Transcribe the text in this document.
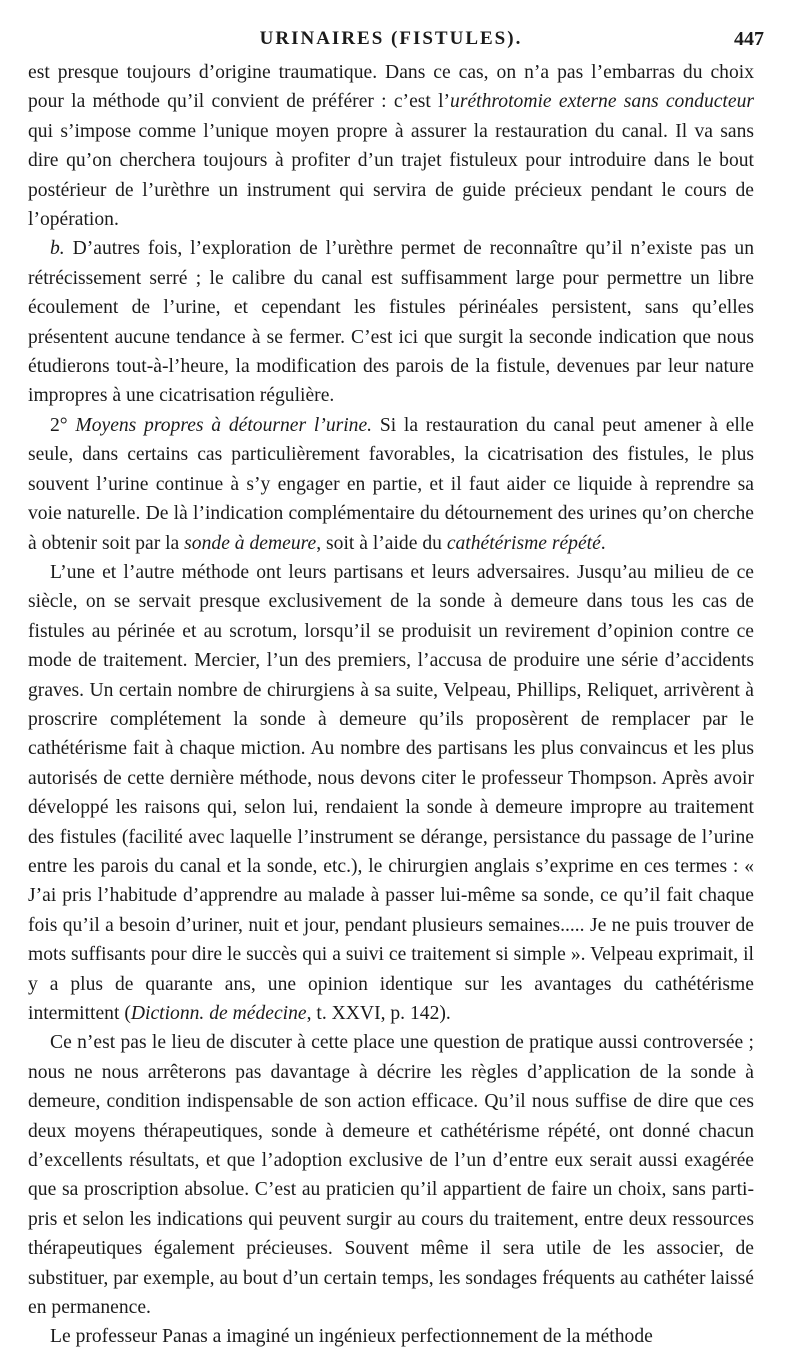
URINAIRES (FISTULES).	447

est presque toujours d’origine traumatique. Dans ce cas, on n’a pas l’embarras du choix pour la méthode qu’il convient de préférer : c’est l’uréthrotomie externe sans conducteur qui s’impose comme l’unique moyen propre à assurer la restauration du canal. Il va sans dire qu’on cherchera toujours à profiter d’un trajet fistuleux pour introduire dans le bout postérieur de l’urèthre un instrument qui servira de guide précieux pendant le cours de l’opération.

b. D’autres fois, l’exploration de l’urèthre permet de reconnaître qu’il n’existe pas un rétrécissement serré ; le calibre du canal est suffisamment large pour permettre un libre écoulement de l’urine, et cependant les fistules périnéales persistent, sans qu’elles présentent aucune tendance à se fermer. C’est ici que surgit la seconde indication que nous étudierons tout-à-l’heure, la modification des parois de la fistule, devenues par leur nature impropres à une cicatrisation régulière.

2° Moyens propres à détourner l’urine. Si la restauration du canal peut amener à elle seule, dans certains cas particulièrement favorables, la cicatrisation des fistules, le plus souvent l’urine continue à s’y engager en partie, et il faut aider ce liquide à reprendre sa voie naturelle. De là l’indication complémentaire du détournement des urines qu’on cherche à obtenir soit par la sonde à demeure, soit à l’aide du cathétérisme répété.

L’une et l’autre méthode ont leurs partisans et leurs adversaires. Jusqu’au milieu de ce siècle, on se servait presque exclusivement de la sonde à demeure dans tous les cas de fistules au périnée et au scrotum, lorsqu’il se produisit un revirement d’opinion contre ce mode de traitement. Mercier, l’un des premiers, l’accusa de produire une série d’accidents graves. Un certain nombre de chirurgiens à sa suite, Velpeau, Phillips, Reliquet, arrivèrent à proscrire complétement la sonde à demeure qu’ils proposèrent de remplacer par le cathétérisme fait à chaque miction. Au nombre des partisans les plus convaincus et les plus autorisés de cette dernière méthode, nous devons citer le professeur Thompson. Après avoir développé les raisons qui, selon lui, rendaient la sonde à demeure impropre au traitement des fistules (facilité avec laquelle l’instrument se dérange, persistance du passage de l’urine entre les parois du canal et la sonde, etc.), le chirurgien anglais s’exprime en ces termes : « J’ai pris l’habitude d’apprendre au malade à passer lui-même sa sonde, ce qu’il fait chaque fois qu’il a besoin d’uriner, nuit et jour, pendant plusieurs semaines..... Je ne puis trouver de mots suffisants pour dire le succès qui a suivi ce traitement si simple ». Velpeau exprimait, il y a plus de quarante ans, une opinion identique sur les avantages du cathétérisme intermittent (Dictionn. de médecine, t. XXVI, p. 142).

Ce n’est pas le lieu de discuter à cette place une question de pratique aussi controversée ; nous ne nous arrêterons pas davantage à décrire les règles d’application de la sonde à demeure, condition indispensable de son action efficace. Qu’il nous suffise de dire que ces deux moyens thérapeutiques, sonde à demeure et cathétérisme répété, ont donné chacun d’excellents résultats, et que l’adoption exclusive de l’un d’entre eux serait aussi exagérée que sa proscription absolue. C’est au praticien qu’il appartient de faire un choix, sans parti-pris et selon les indications qui peuvent surgir au cours du traitement, entre deux ressources thérapeutiques également précieuses. Souvent même il sera utile de les associer, de substituer, par exemple, au bout d’un certain temps, les sondages fréquents au cathéter laissé en permanence.

Le professeur Panas a imaginé un ingénieux perfectionnement de la méthode
